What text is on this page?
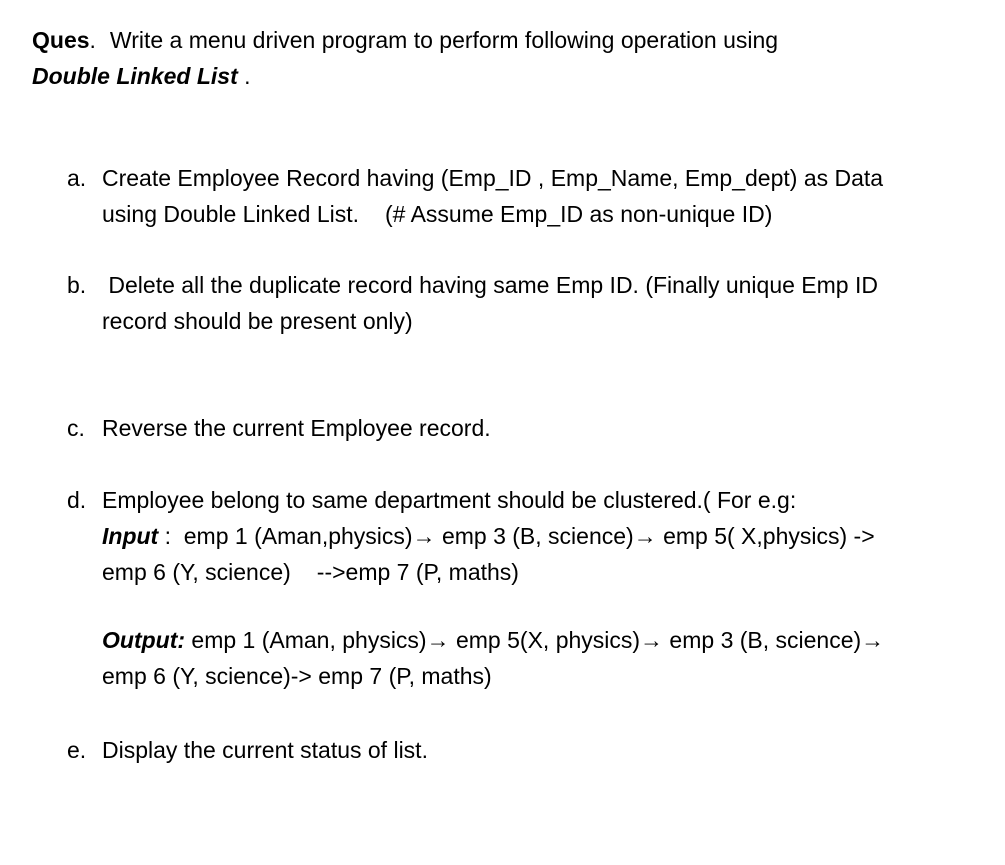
Ques. Write a menu driven program to perform following operation using
Double Linked List .
a. Create Employee Record having (Emp_ID , Emp_Name, Emp_dept) as Data
using Double Linked List. (# Assume Emp_ID as non-unique ID)
b. Delete all the duplicate record having same Emp ID. (Finally unique Emp ID
record should be present only)
c. Reverse the current Employee record.
d. Employee belong to same department should be clustered.( For e.g:
Input :  emp 1 (Aman,physics)→ emp 3 (B, science)→ emp 5( X,physics) ->
emp 6 (Y, science) -->emp 7 (P, maths)
Output: emp 1 (Aman, physics)→ emp 5(X, physics)→ emp 3 (B, science)→
emp 6 (Y, science)-> emp 7 (P, maths)
e. Display the current status of list.
